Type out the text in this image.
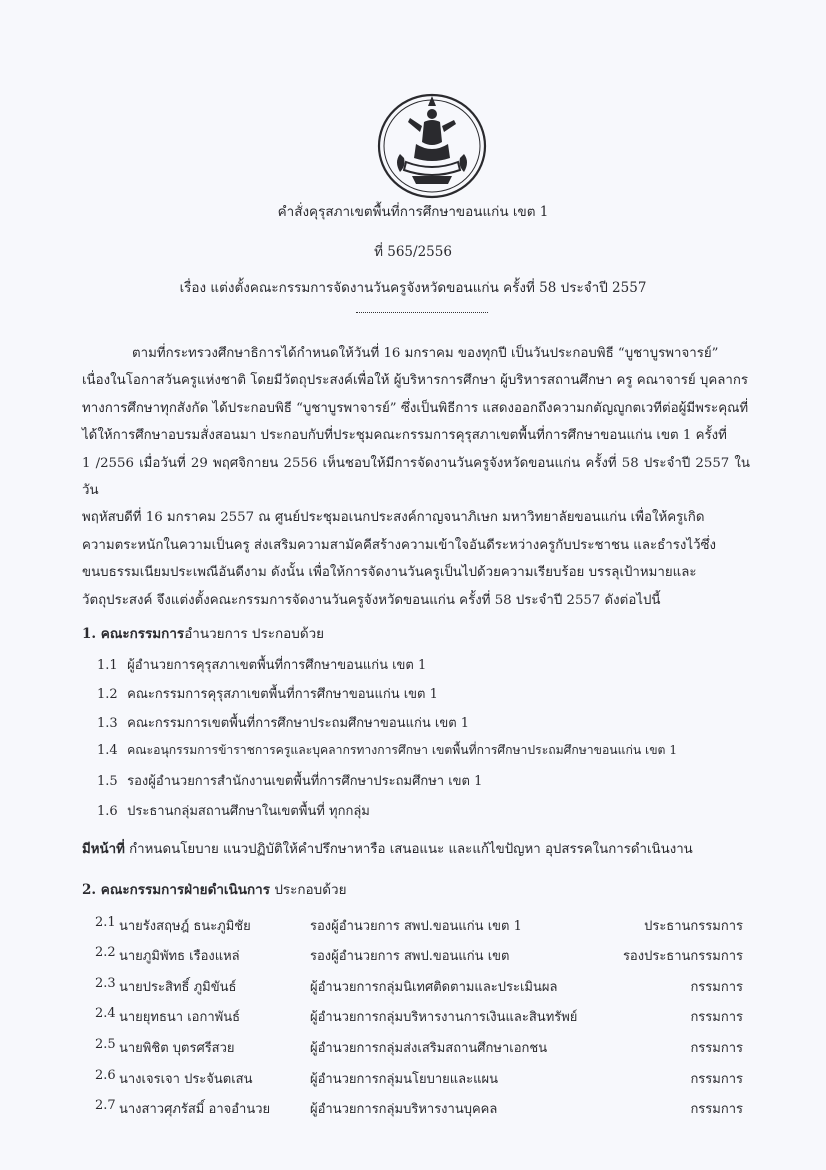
คำสั่งคุรุสภาเขตพื้นที่การศึกษาขอนแก่น เขต 1
ที่ 565/2556
เรื่อง แต่งตั้งคณะกรรมการจัดงานวันครูจังหวัดขอนแก่น ครั้งที่ 58 ประจำปี 2557

ตามที่กระทรวงศึกษาธิการได้กำหนดให้วันที่ 16 มกราคม ของทุกปี เป็นวันประกอบพิธี “บูชาบูรพาจารย์”

เนื่องในโอกาสวันครูแห่งชาติ โดยมีวัตถุประสงค์เพื่อให้ ผู้บริหารการศึกษา ผู้บริหารสถานศึกษา ครู คณาจารย์ บุคลากร

ทางการศึกษาทุกสังกัด ได้ประกอบพิธี “บูชาบูรพาจารย์” ซึ่งเป็นพิธีการ แสดงออกถึงความกตัญญูกตเวทีต่อผู้มีพระคุณที่

ได้ให้การศึกษาอบรมสั่งสอนมา ประกอบกับที่ประชุมคณะกรรมการคุรุสภาเขตพื้นที่การศึกษาขอนแก่น เขต 1 ครั้งที่

1 /2556 เมื่อวันที่ 29 พฤศจิกายน 2556 เห็นชอบให้มีการจัดงานวันครูจังหวัดขอนแก่น ครั้งที่ 58 ประจำปี 2557 ในวัน

พฤหัสบดีที่ 16 มกราคม 2557 ณ ศูนย์ประชุมอเนกประสงค์กาญจนาภิเษก มหาวิทยาลัยขอนแก่น เพื่อให้ครูเกิด

ความตระหนักในความเป็นครู ส่งเสริมความสามัคคีสร้างความเข้าใจอันดีระหว่างครูกับประชาชน และธำรงไว้ซึ่ง

ขนบธรรมเนียมประเพณีอันดีงาม ดังนั้น เพื่อให้การจัดงานวันครูเป็นไปด้วยความเรียบร้อย บรรลุเป้าหมายและ

วัตถุประสงค์ จึงแต่งตั้งคณะกรรมการจัดงานวันครูจังหวัดขอนแก่น ครั้งที่ 58 ประจำปี 2557 ดังต่อไปนี้

1. คณะกรรมการอำนวยการ ประกอบด้วย
1.1 ผู้อำนวยการคุรุสภาเขตพื้นที่การศึกษาขอนแก่น เขต 1
1.2 คณะกรรมการคุรุสภาเขตพื้นที่การศึกษาขอนแก่น เขต 1
1.3 คณะกรรมการเขตพื้นที่การศึกษาประถมศึกษาขอนแก่น เขต 1
1.4 คณะอนุกรรมการข้าราชการครูและบุคลากรทางการศึกษา เขตพื้นที่การศึกษาประถมศึกษาขอนแก่น เขต 1
1.5 รองผู้อำนวยการสำนักงานเขตพื้นที่การศึกษาประถมศึกษา เขต 1
1.6 ประธานกลุ่มสถานศึกษาในเขตพื้นที่ ทุกกลุ่ม
มีหน้าที่ กำหนดนโยบาย แนวปฏิบัติให้คำปรึกษาหารือ เสนอแนะ และแก้ไขปัญหา อุปสรรคในการดำเนินงาน
2. คณะกรรมการฝ่ายดำเนินการ ประกอบด้วย
2.1 นายรังสฤษฎ์ ธนะภูมิชัย	รองผู้อำนวยการ สพป.ขอนแก่น เขต 1	ประธานกรรมการ
2.2 นายภูมิพัทธ เรืองแหล่	รองผู้อำนวยการ สพป.ขอนแก่น เขต	รองประธานกรรมการ
2.3 นายประสิทธิ์ ภูมิขันธ์	ผู้อำนวยการกลุ่มนิเทศติดตามและประเมินผล	กรรมการ
2.4 นายยุทธนา เอกาพันธ์	ผู้อำนวยการกลุ่มบริหารงานการเงินและสินทรัพย์	กรรมการ
2.5 นายพิชิต บุตรศรีสวย	ผู้อำนวยการกลุ่มส่งเสริมสถานศึกษาเอกชน	กรรมการ
2.6 นางเจรเจา ประจันตเสน	ผู้อำนวยการกลุ่มนโยบายและแผน	กรรมการ
2.7 นางสาวศุภรัสมิ์ อาจอำนวย	ผู้อำนวยการกลุ่มบริหารงานบุคคล	กรรมการ
